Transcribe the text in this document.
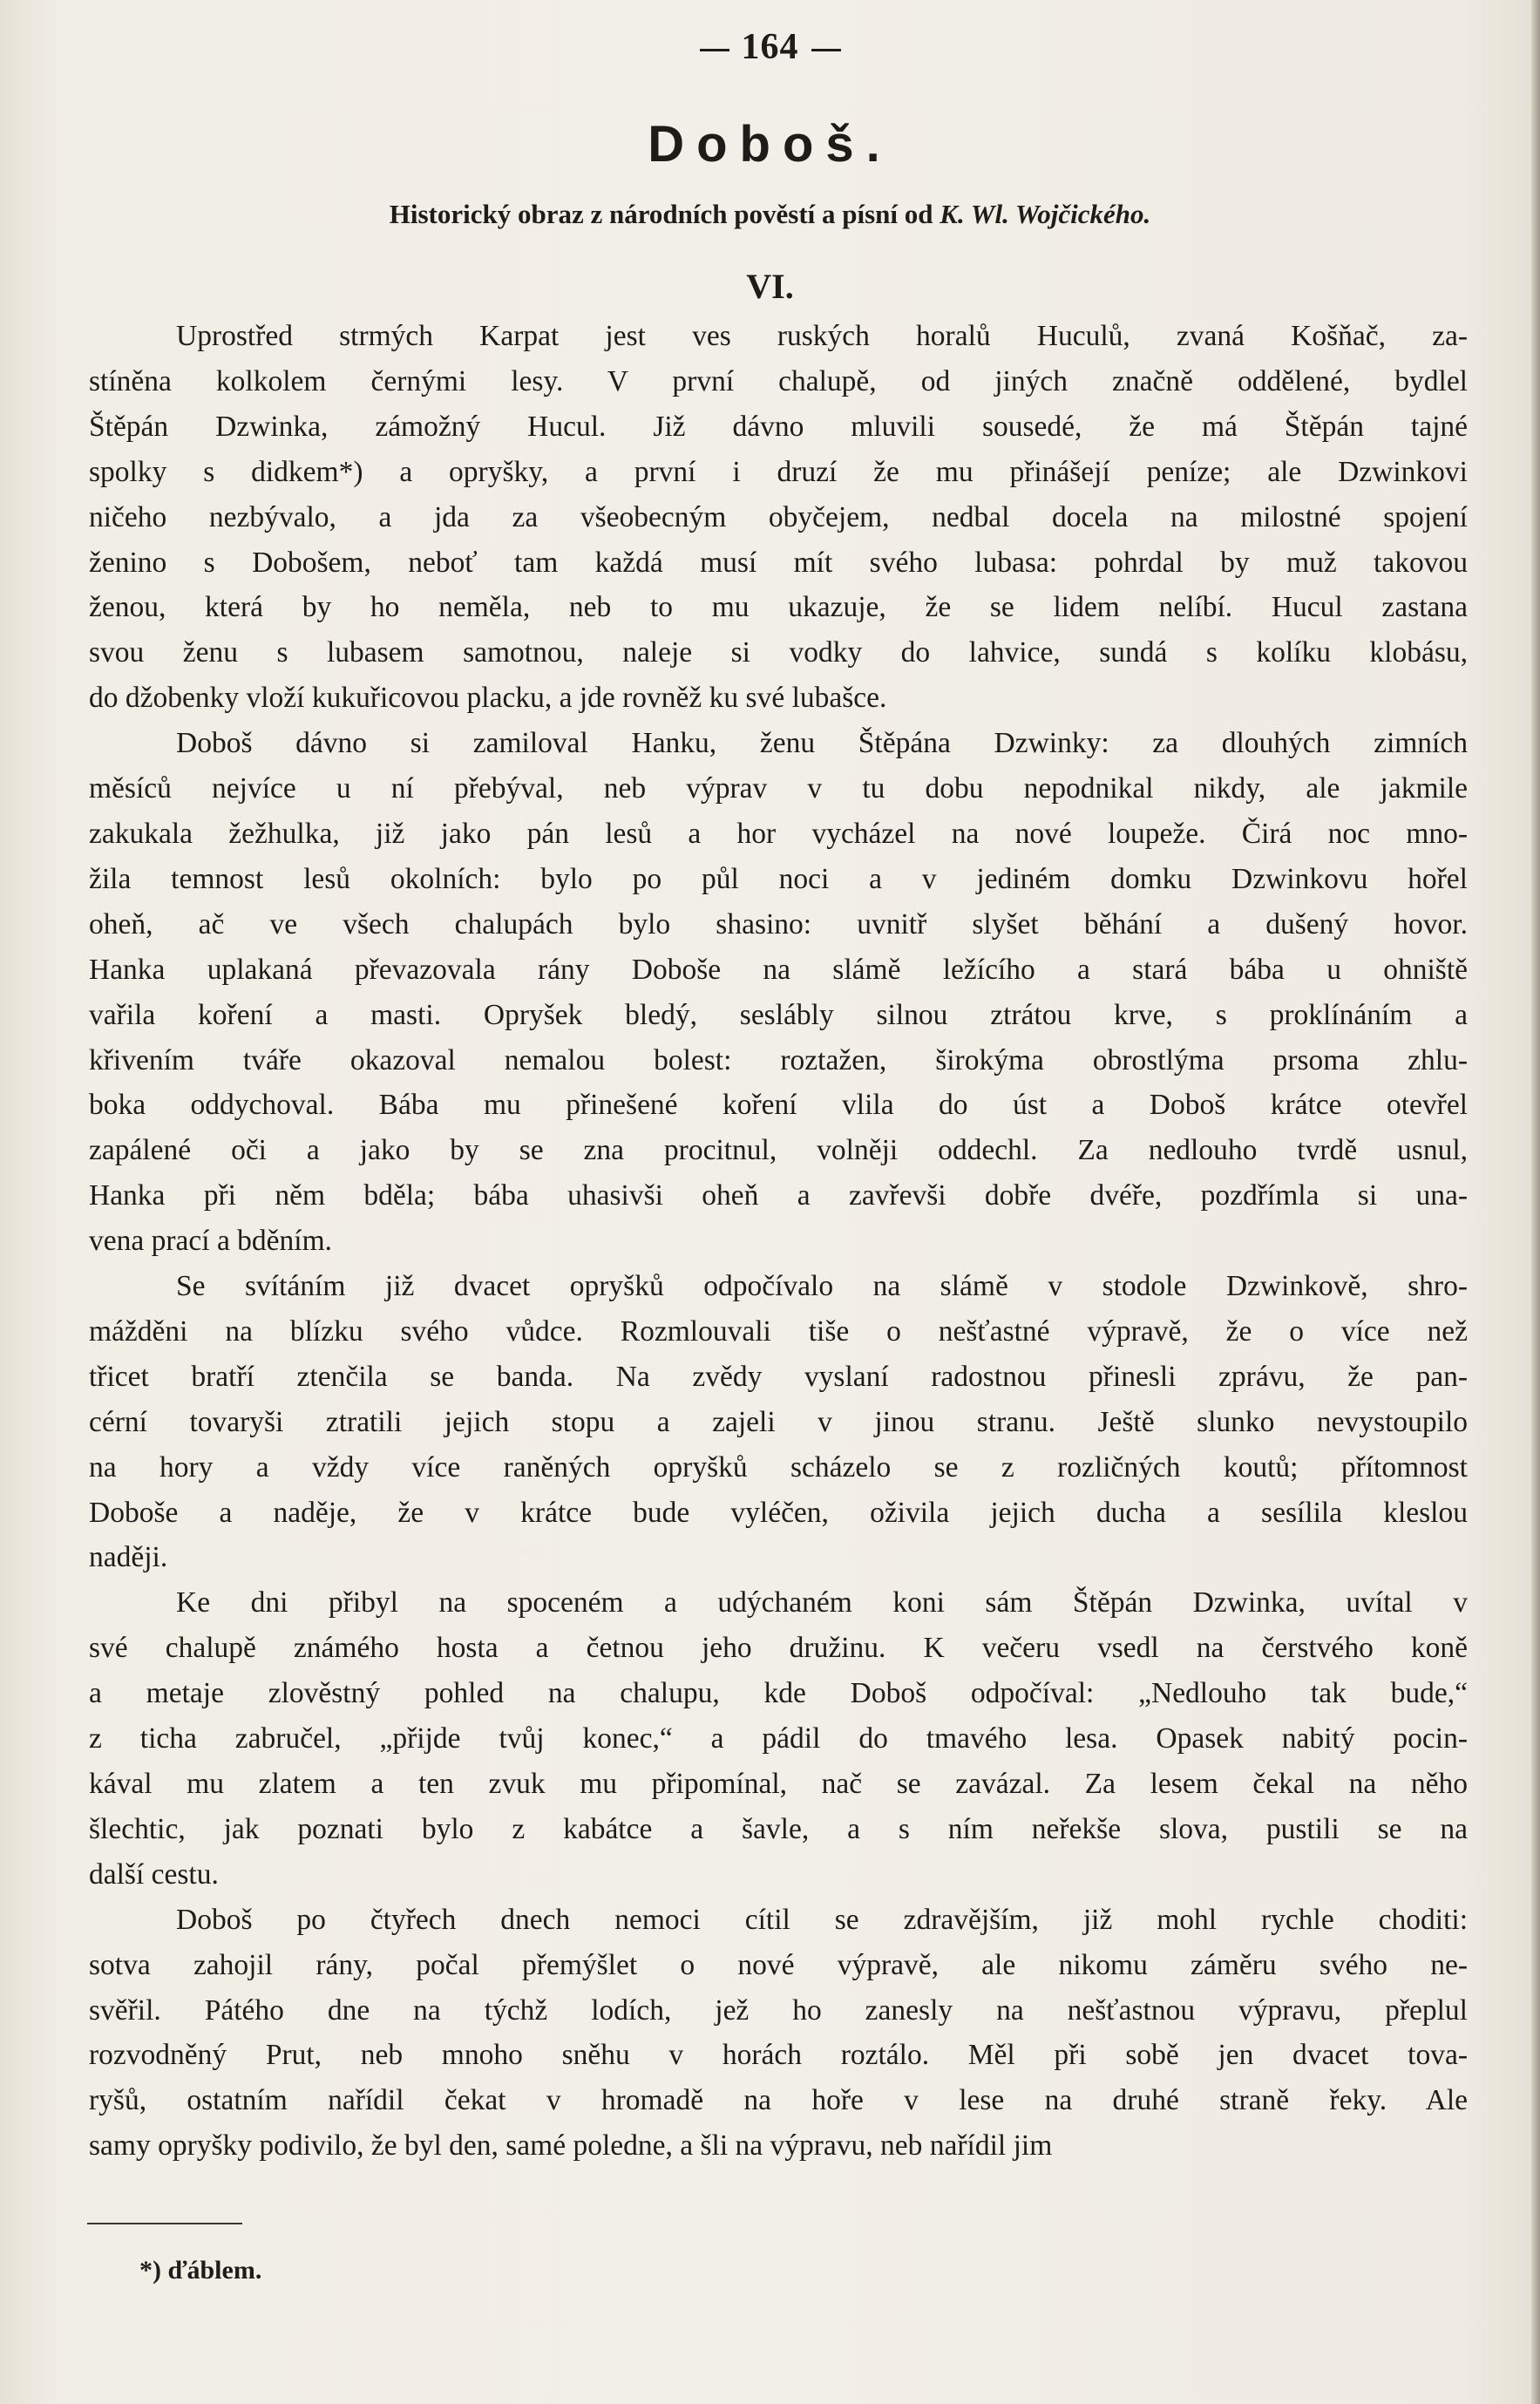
164
Doboš.
Historický obraz z národních pověstí a písní od K. Wl. Wojčického.
VI.

Uprostřed strmých Karpat jest ves ruských horalů Huculů, zvaná Košňač, za-

stíněna kolkolem černými lesy. V první chalupě, od jiných značně oddělené, bydlel

Štěpán Dzwinka, zámožný Hucul. Již dávno mluvili sousedé, že má Štěpán tajné

spolky s didkem*) a opryšky, a první i druzí že mu přinášejí peníze; ale Dzwinkovi

ničeho nezbývalo, a jda za všeobecným obyčejem, nedbal docela na milostné spojení

ženino s Dobošem, neboť tam každá musí mít svého lubasa: pohrdal by muž takovou

ženou, která by ho neměla, neb to mu ukazuje, že se lidem nelíbí. Hucul zastana

svou ženu s lubasem samotnou, naleje si vodky do lahvice, sundá s kolíku klobásu,

do džobenky vloží kukuřicovou placku, a jde rovněž ku své lubašce.

Doboš dávno si zamiloval Hanku, ženu Štěpána Dzwinky: za dlouhých zimních

měsíců nejvíce u ní přebýval, neb výprav v tu dobu nepodnikal nikdy, ale jakmile

zakukala žežhulka, již jako pán lesů a hor vycházel na nové loupeže. Čirá noc mno-

žila temnost lesů okolních: bylo po půl noci a v jediném domku Dzwinkovu hořel

oheň, ač ve všech chalupách bylo shasino: uvnitř slyšet běhání a dušený hovor.

Hanka uplakaná převazovala rány Doboše na slámě ležícího a stará bába u ohniště

vařila koření a masti. Opryšek bledý, seslábly silnou ztrátou krve, s proklínáním a

křivením tváře okazoval nemalou bolest: roztažen, širokýma obrostlýma prsoma zhlu-

boka oddychoval. Bába mu přinešené koření vlila do úst a Doboš krátce otevřel

zapálené oči a jako by se zna procitnul, volněji oddechl. Za nedlouho tvrdě usnul,

Hanka při něm bděla; bába uhasivši oheň a zavřevši dobře dvéře, pozdřímla si una-

vena prací a bděním.

Se svítáním již dvacet opryšků odpočívalo na slámě v stodole Dzwinkově, shro-

mážděni na blízku svého vůdce. Rozmlouvali tiše o nešťastné výpravě, že o více než

třicet bratří ztenčila se banda. Na zvědy vyslaní radostnou přinesli zprávu, že pan-

cérní tovaryši ztratili jejich stopu a zajeli v jinou stranu. Ještě slunko nevystoupilo

na hory a vždy více raněných opryšků scházelo se z rozličných koutů; přítomnost

Doboše a naděje, že v krátce bude vyléčen, oživila jejich ducha a sesílila kleslou

naději.

Ke dni přibyl na spoceném a udýchaném koni sám Štěpán Dzwinka, uvítal v

své chalupě známého hosta a četnou jeho družinu. K večeru vsedl na čerstvého koně

a metaje zlověstný pohled na chalupu, kde Doboš odpočíval: „Nedlouho tak bude,“

z ticha zabručel, „přijde tvůj konec,“ a pádil do tmavého lesa. Opasek nabitý pocin-

kával mu zlatem a ten zvuk mu připomínal, nač se zavázal. Za lesem čekal na něho

šlechtic, jak poznati bylo z kabátce a šavle, a s ním neřekše slova, pustili se na

další cestu.

Doboš po čtyřech dnech nemoci cítil se zdravějším, již mohl rychle choditi:

sotva zahojil rány, počal přemýšlet o nové výpravě, ale nikomu záměru svého ne-

svěřil. Pátého dne na týchž lodích, jež ho zanesly na nešťastnou výpravu, přeplul

rozvodněný Prut, neb mnoho sněhu v horách roztálo. Měl při sobě jen dvacet tova-

ryšů, ostatním nařídil čekat v hromadě na hoře v lese na druhé straně řeky. Ale

samy opryšky podivilo, že byl den, samé poledne, a šli na výpravu, neb nařídil jim

*) ďáblem.
